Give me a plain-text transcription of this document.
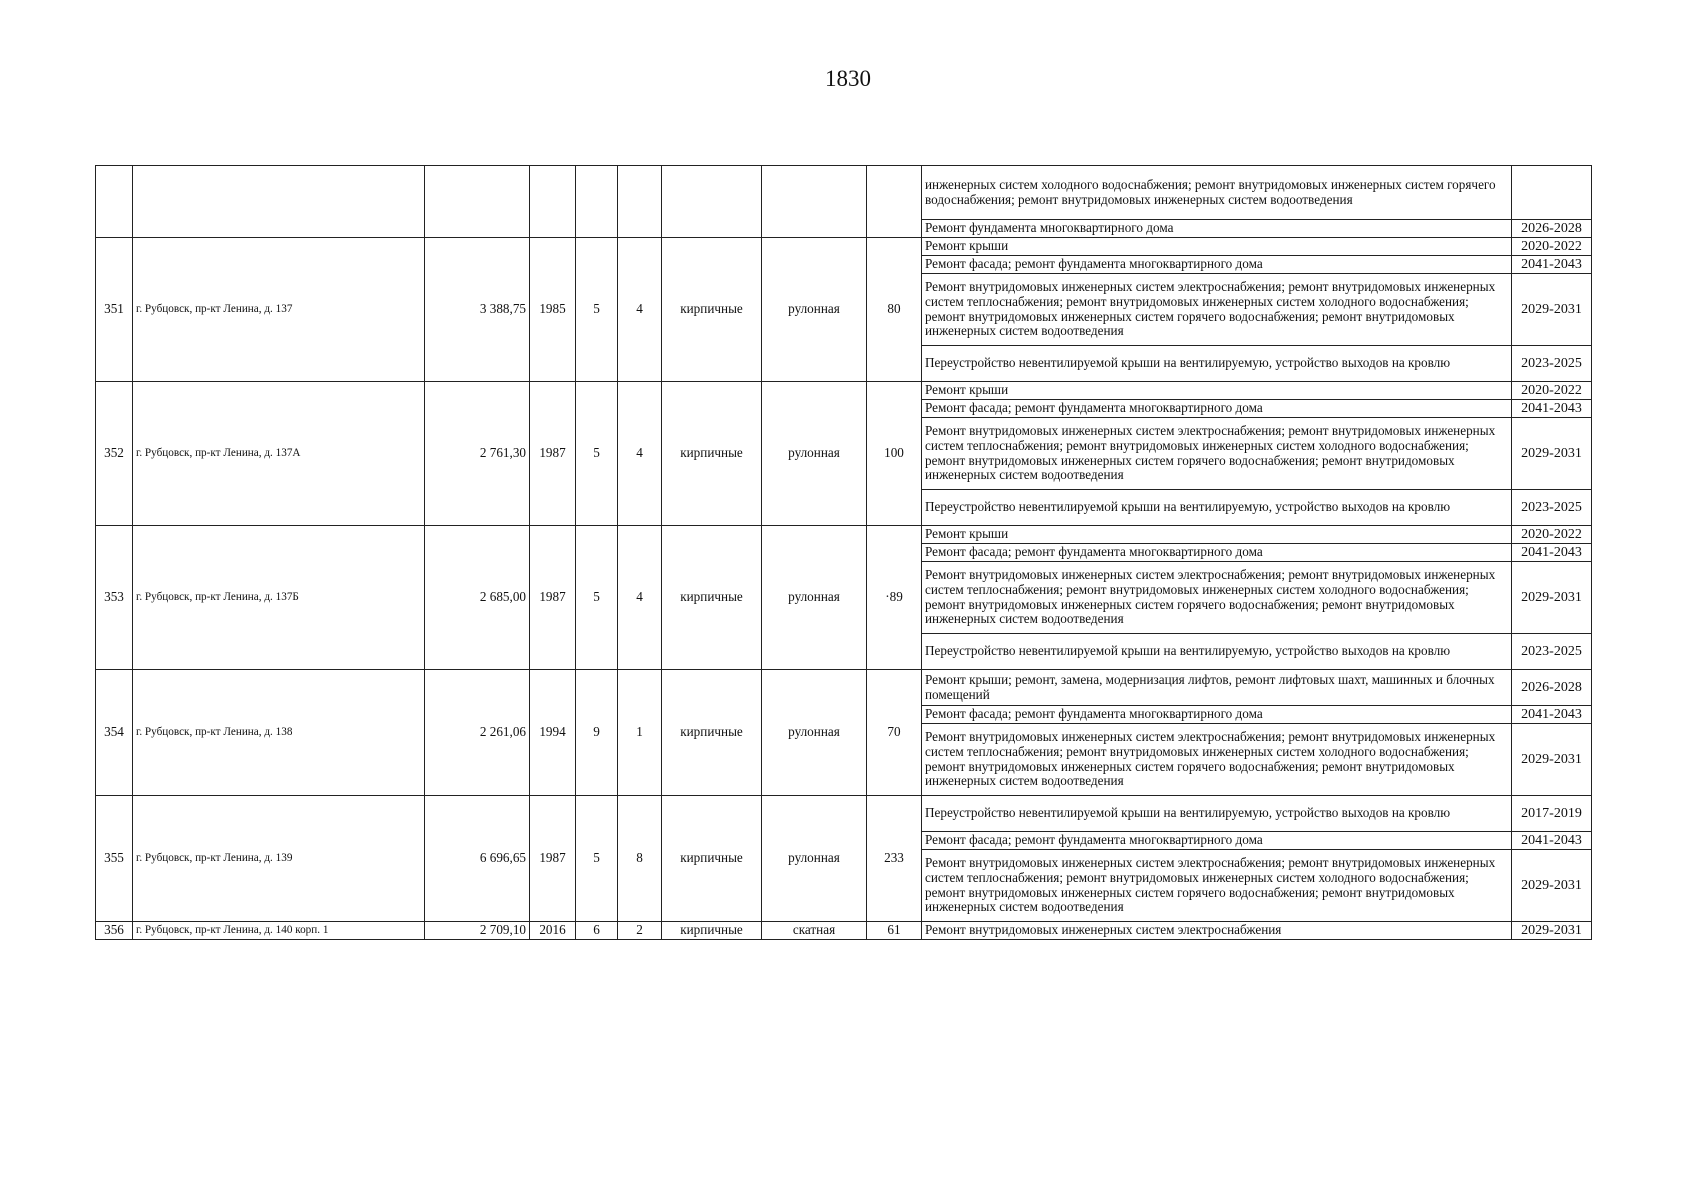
1830
									инженерных систем холодного водоснабжения; ремонт внутридомовых инженерных систем горячего водоснабжения; ремонт внутридомовых инженерных систем водоотведения	
									Ремонт фундамента многоквартирного дома	2026-2028
351	г. Рубцовск, пр-кт Ленина, д. 137	3 388,75	1985	5	4	кирпичные	рулонная	80	Ремонт крыши	2020-2022
									Ремонт фасада; ремонт фундамента многоквартирного дома	2041-2043
									Ремонт внутридомовых инженерных систем электроснабжения; ремонт внутридомовых инженерных систем теплоснабжения; ремонт внутридомовых инженерных систем холодного водоснабжения; ремонт внутридомовых инженерных систем горячего водоснабжения; ремонт внутридомовых инженерных систем водоотведения	2029-2031
									Переустройство невентилируемой крыши на вентилируемую, устройство выходов на кровлю	2023-2025
352	г. Рубцовск, пр-кт Ленина, д. 137А	2 761,30	1987	5	4	кирпичные	рулонная	100	Ремонт крыши	2020-2022
									Ремонт фасада; ремонт фундамента многоквартирного дома	2041-2043
									Ремонт внутридомовых инженерных систем электроснабжения; ремонт внутридомовых инженерных систем теплоснабжения; ремонт внутридомовых инженерных систем холодного водоснабжения; ремонт внутридомовых инженерных систем горячего водоснабжения; ремонт внутридомовых инженерных систем водоотведения	2029-2031
									Переустройство невентилируемой крыши на вентилируемую, устройство выходов на кровлю	2023-2025
353	г. Рубцовск, пр-кт Ленина, д. 137Б	2 685,00	1987	5	4	кирпичные	рулонная	·89	Ремонт крыши	2020-2022
									Ремонт фасада; ремонт фундамента многоквартирного дома	2041-2043
									Ремонт внутридомовых инженерных систем электроснабжения; ремонт внутридомовых инженерных систем теплоснабжения; ремонт внутридомовых инженерных систем холодного водоснабжения; ремонт внутридомовых инженерных систем горячего водоснабжения; ремонт внутридомовых инженерных систем водоотведения	2029-2031
									Переустройство невентилируемой крыши на вентилируемую, устройство выходов на кровлю	2023-2025
354	г. Рубцовск, пр-кт Ленина, д. 138	2 261,06	1994	9	1	кирпичные	рулонная	70	Ремонт крыши; ремонт, замена, модернизация лифтов, ремонт лифтовых шахт, машинных и блочных помещений	2026-2028
									Ремонт фасада; ремонт фундамента многоквартирного дома	2041-2043
									Ремонт внутридомовых инженерных систем электроснабжения; ремонт внутридомовых инженерных систем теплоснабжения; ремонт внутридомовых инженерных систем холодного водоснабжения; ремонт внутридомовых инженерных систем горячего водоснабжения; ремонт внутридомовых инженерных систем водоотведения	2029-2031
355	г. Рубцовск, пр-кт Ленина, д. 139	6 696,65	1987	5	8	кирпичные	рулонная	233	Переустройство невентилируемой крыши на вентилируемую, устройство выходов на кровлю	2017-2019
									Ремонт фасада; ремонт фундамента многоквартирного дома	2041-2043
									Ремонт внутридомовых инженерных систем электроснабжения; ремонт внутридомовых инженерных систем теплоснабжения; ремонт внутридомовых инженерных систем холодного водоснабжения; ремонт внутридомовых инженерных систем горячего водоснабжения; ремонт внутридомовых инженерных систем водоотведения	2029-2031
356	г. Рубцовск, пр-кт Ленина, д. 140 корп. 1	2 709,10	2016	6	2	кирпичные	скатная	61	Ремонт внутридомовых инженерных систем электроснабжения	2029-2031
